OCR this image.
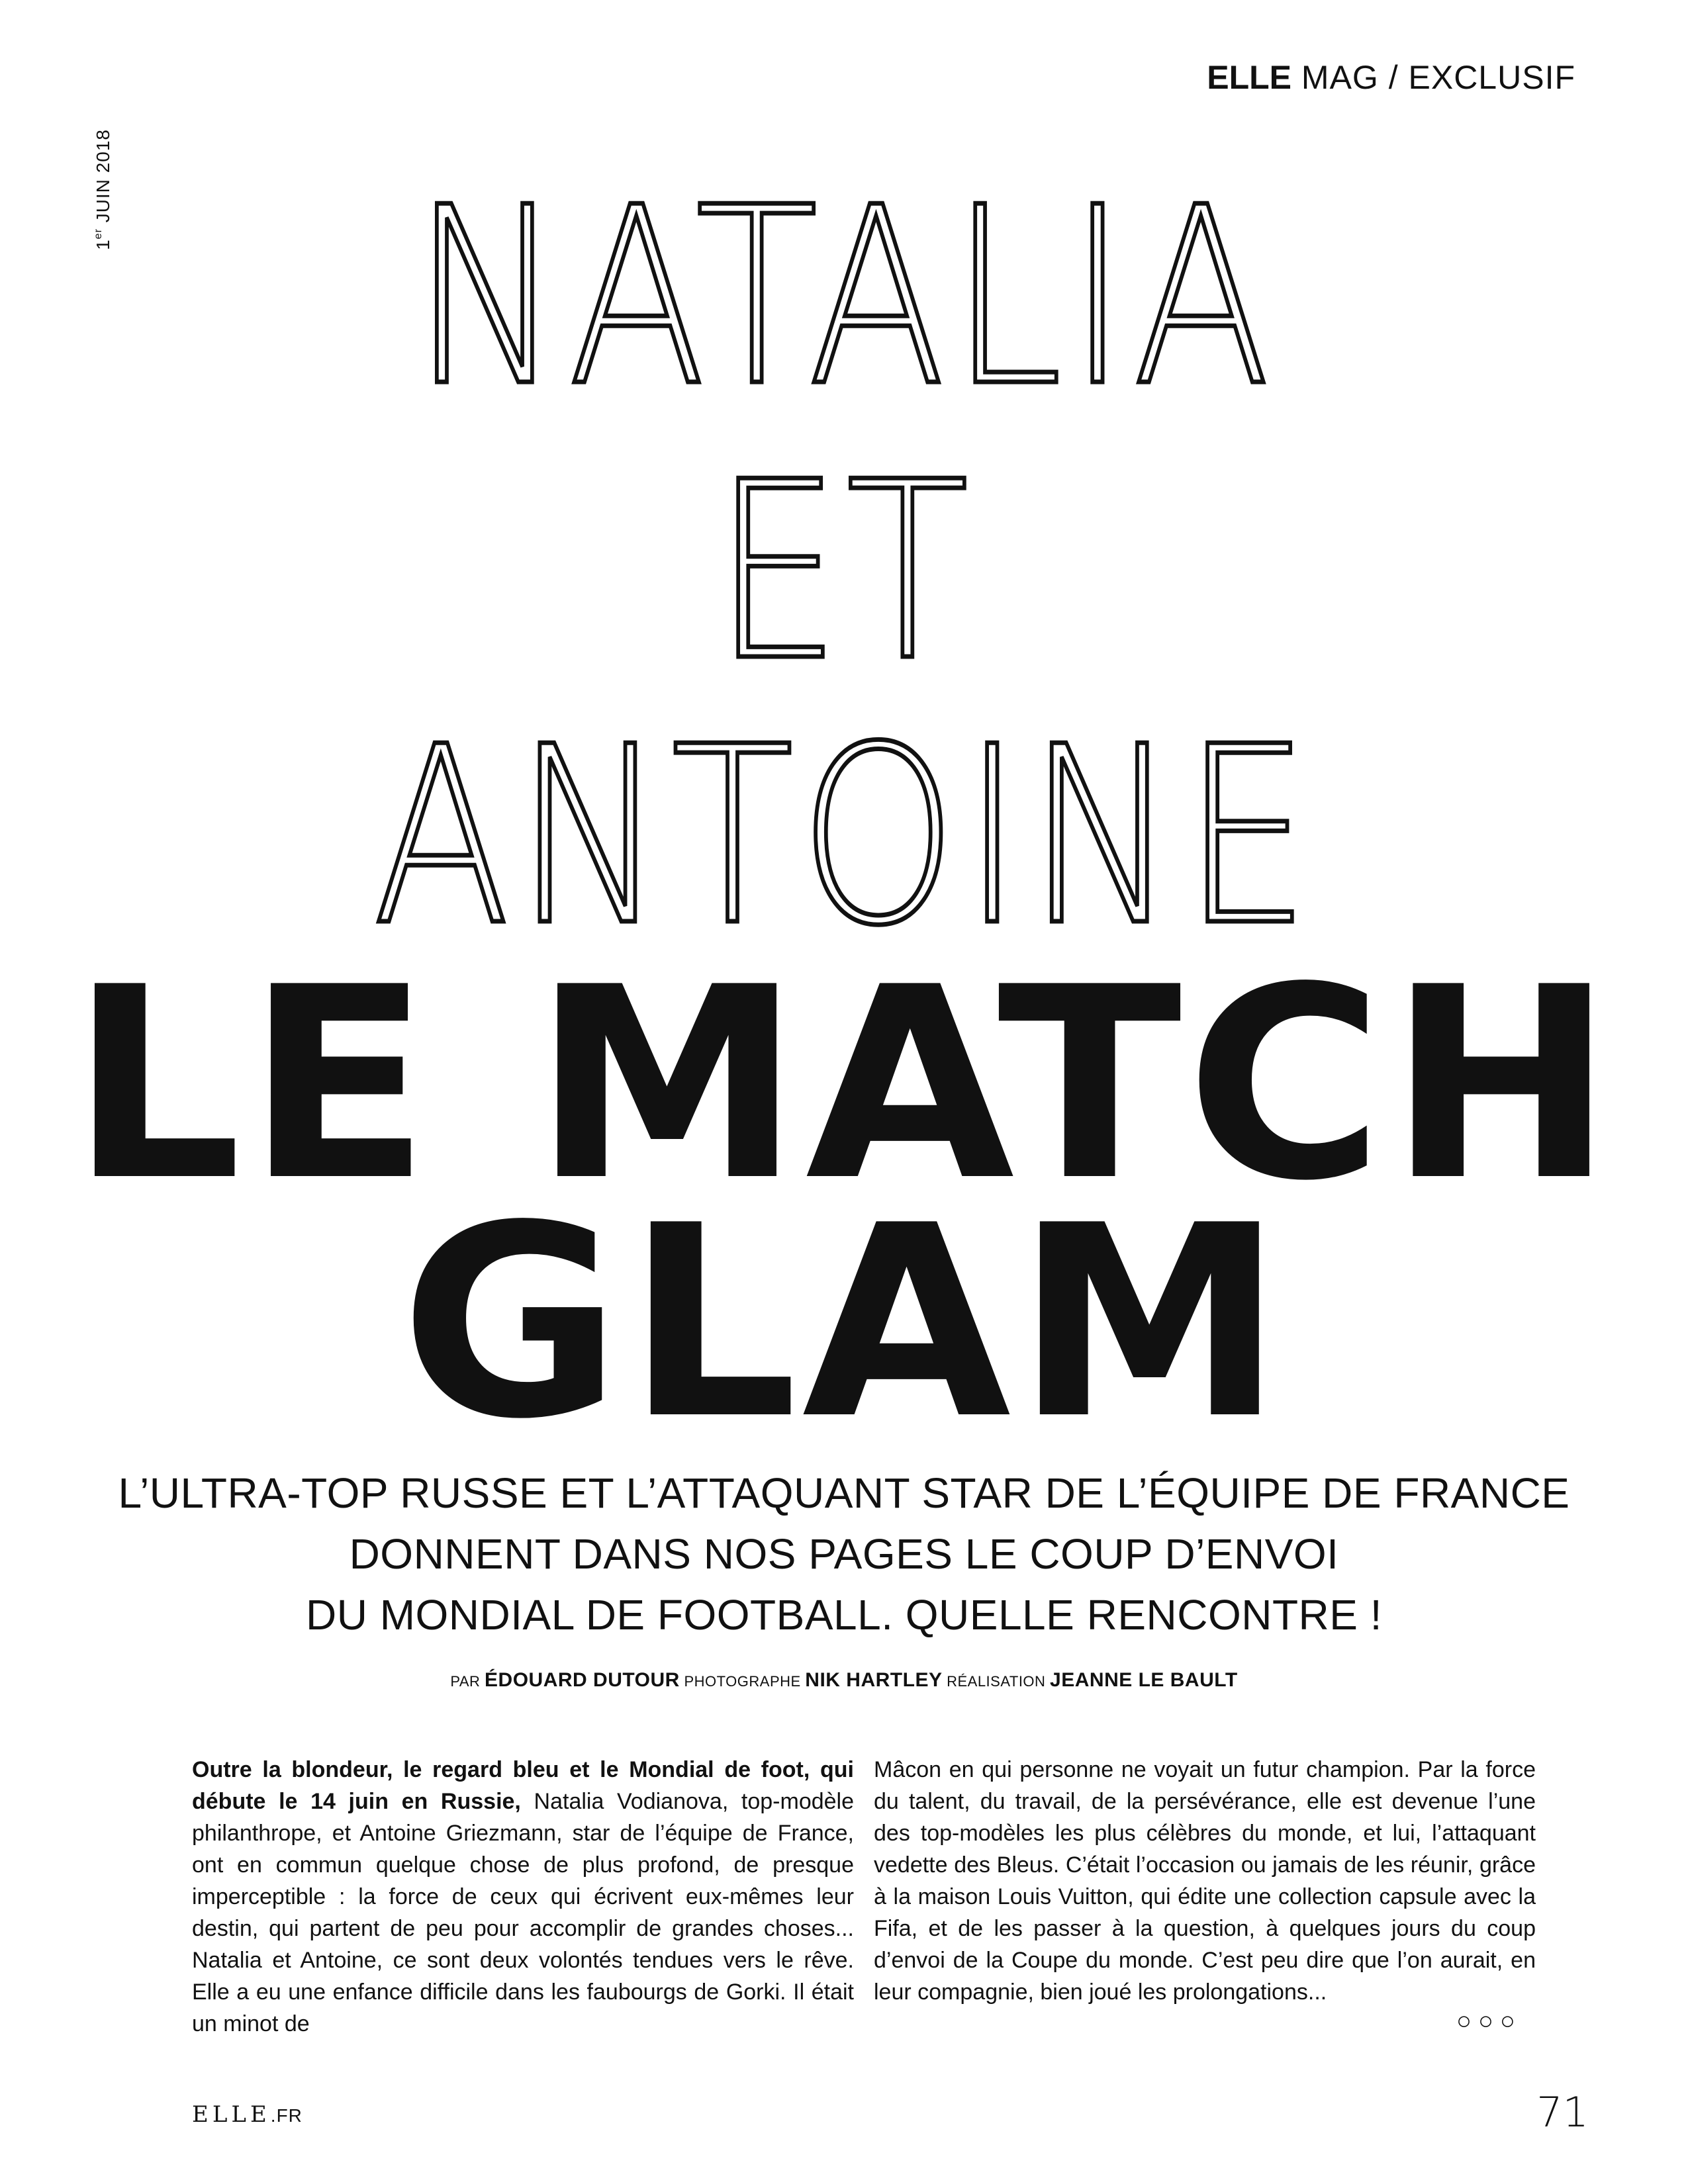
ELLE MAG / EXCLUSIF
1er JUIN 2018	NATALIA
ET
ANTOINE
LE MATCH
GLAM
L’ULTRA-TOP RUSSE ET L’ATTAQUANT STAR DE L’ÉQUIPE DE FRANCE
DONNENT DANS NOS PAGES LE COUP D’ENVOI
DU MONDIAL DE FOOTBALL. QUELLE RENCONTRE !
PAR ÉDOUARD DUTOUR PHOTOGRAPHE NIK HARTLEY RÉALISATION JEANNE LE BAULT
Outre la blondeur, le regard bleu et le Mondial de foot, qui débute le 14 juin en Russie, Natalia Vodianova, top-modèle philanthrope, et Antoine Griezmann, star de l’équipe de France, ont en commun quelque chose de plus profond, de presque imperceptible : la force de ceux qui écrivent eux-mêmes leur destin, qui partent de peu pour accomplir de grandes choses... Natalia et Antoine, ce sont deux volontés tendues vers le rêve. Elle a eu une enfance difficile dans les faubourgs de Gorki. Il était un minot de
Mâcon en qui personne ne voyait un futur champion. Par la force du talent, du travail, de la persévérance, elle est devenue l’une des top-modèles les plus célèbres du monde, et lui, l’attaquant vedette des Bleus. C’était l’occasion ou jamais de les réunir, grâce à la maison Louis Vuitton, qui édite une collection capsule avec la Fifa, et de les passer à la question, à quelques jours du coup d’envoi de la Coupe du monde. C’est peu dire que l’on aurait, en leur compagnie, bien joué les prolongations...
○○○
ELLE.FR	71
